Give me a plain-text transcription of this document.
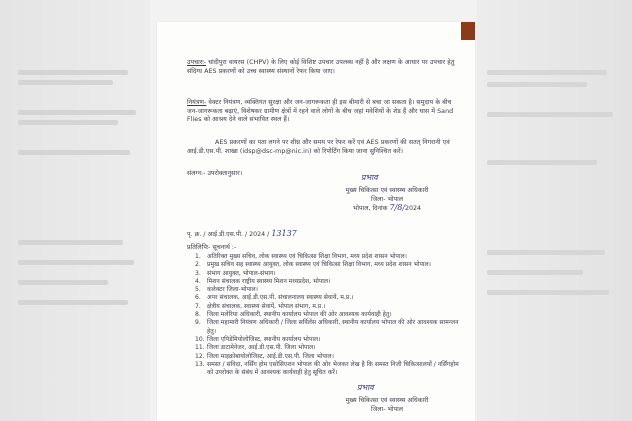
उपचारः- चांदीपुरा वायरस (CHPV) के लिए कोई विशिष्ट उपचार उपलब्ध नहीं है और लक्षण के आधार पर उपचार हेतु संदिग्ध AES प्रकरणों को उच्च स्वास्थ्य संस्थानों रेफर किया जाए।
नियंत्रण- वेक्टर नियंत्रण, व्यक्तिगत सुरक्षा और जन-जागरूकता ही इस बीमारी से बचा जा सकता है। समुदाय के बीच जन-जागरूकता बढ़ाएं, विशेषकर ग्रामीण क्षेत्रों में रहने वाले लोगों के बीच जहां मवेशियों के शेड हैं और घास में Sand Flies को आश्रय देने वाले संभावित स्थल हैं।
AES प्रकरणों का पता लगने पर शीघ्र और समय पर रेफर करें एवं AES प्रकरणों की सतत् निगरानी एवं आई.डी.एस.पी. शाखा (idsp@dsc-mp@nic.in) को रिपोर्टिंग किया जाना सुनिश्चित करें।
संलग्न:- उपरोक्तानुसार।	प्रभाव
मुख्य चिकित्सा एवं स्वास्थ्य अधिकारी
जिला- भोपाल
भोपाल, दिनांक 7/8/2024
पृ. क्र. / आई.डी.एस.पी. / 2024 / 13137
प्रतिलिपिः- सूचनार्थ :-
1.	अतिरिक्त मुख्य सचिव, लोक स्वास्थ्य एवं चिकित्सा शिक्षा विभाग, मध्य प्रदेश शासन भोपाल।
2.	प्रमुख सचिव सह स्वास्थ्य आयुक्त, लोक स्वास्थ्य एवं चिकित्सा शिक्षा विभाग, मध्य प्रदेश शासन भोपाल।
3.	संभाग आयुक्त, भोपाल-संभाग।
4.	मिशन संचालक राष्ट्रीय स्वास्थ्य मिशन मध्यप्रदेश, भोपाल।
5.	कलेक्टर जिला-भोपाल।
6.	अपर संचालक, आई.डी.एस.पी. संचालनालय स्वास्थ्य सेवायें, म.प्र.।
7.	क्षेत्रीय संचालक, स्वास्थ्य सेवायें, भोपाल संभाग, म.प्र.।
8.	जिला मलेरिया अधिकारी, स्थानीय कार्यालय भोपाल की ओर आवश्यक कार्यवाही हेतु।
9.	जिला महामारी नियंत्रण अधिकारी / जिला सर्विलेंस अधिकारी, स्थानीय कार्यालय भोपाल की ओर आवश्यक सामन्जन हेतु।
10. जिला एपिडेमियोलोजिस्ट, स्थानीय कार्यालय भोपाल।
11. जिला डाटामेनेजर, आई.डी.एस.पी. जिला भोपाल।
12. जिला माइक्रोबायोलोजिस्ट, आई.डी.एस.पी. जिला भोपाल।
13. समस्त / संविदा, नर्सिंग होम एसोसिएशन भोपाल की ओर भेजकर लेख है कि समस्त निजी चिकित्सालयों / नर्सिंगहोम को उपरोक्त के संबंध में आवश्यक कार्यवाही हेतु सूचित करें।
प्रभाव
मुख्य चिकित्सा एवं स्वास्थ्य अधिकारी
जिला- भोपाल
